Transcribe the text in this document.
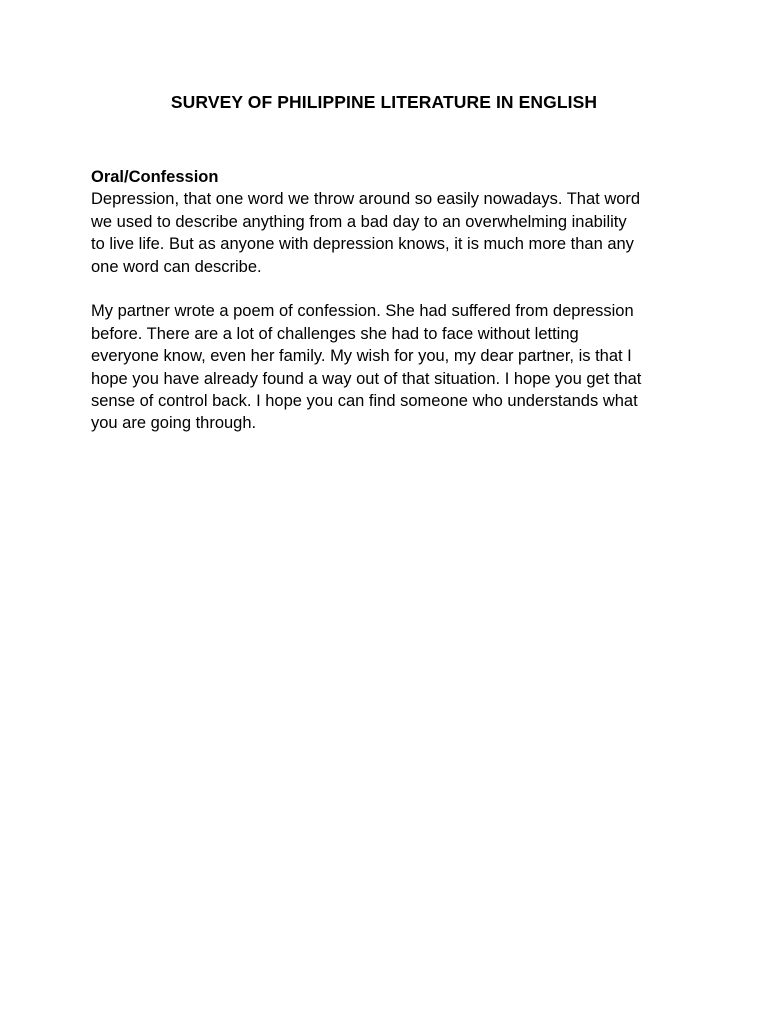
SURVEY OF PHILIPPINE LITERATURE IN ENGLISH
Oral/Confession

Depression, that one word we throw around so easily nowadays. That word
we used to describe anything from a bad day to an overwhelming inability
to live life. But as anyone with depression knows, it is much more than any
one word can describe.

My partner wrote a poem of confession. She had suffered from depression
before. There are a lot of challenges she had to face without letting
everyone know, even her family. My wish for you, my dear partner, is that I
hope you have already found a way out of that situation. I hope you get that
sense of control back. I hope you can find someone who understands what
you are going through.
